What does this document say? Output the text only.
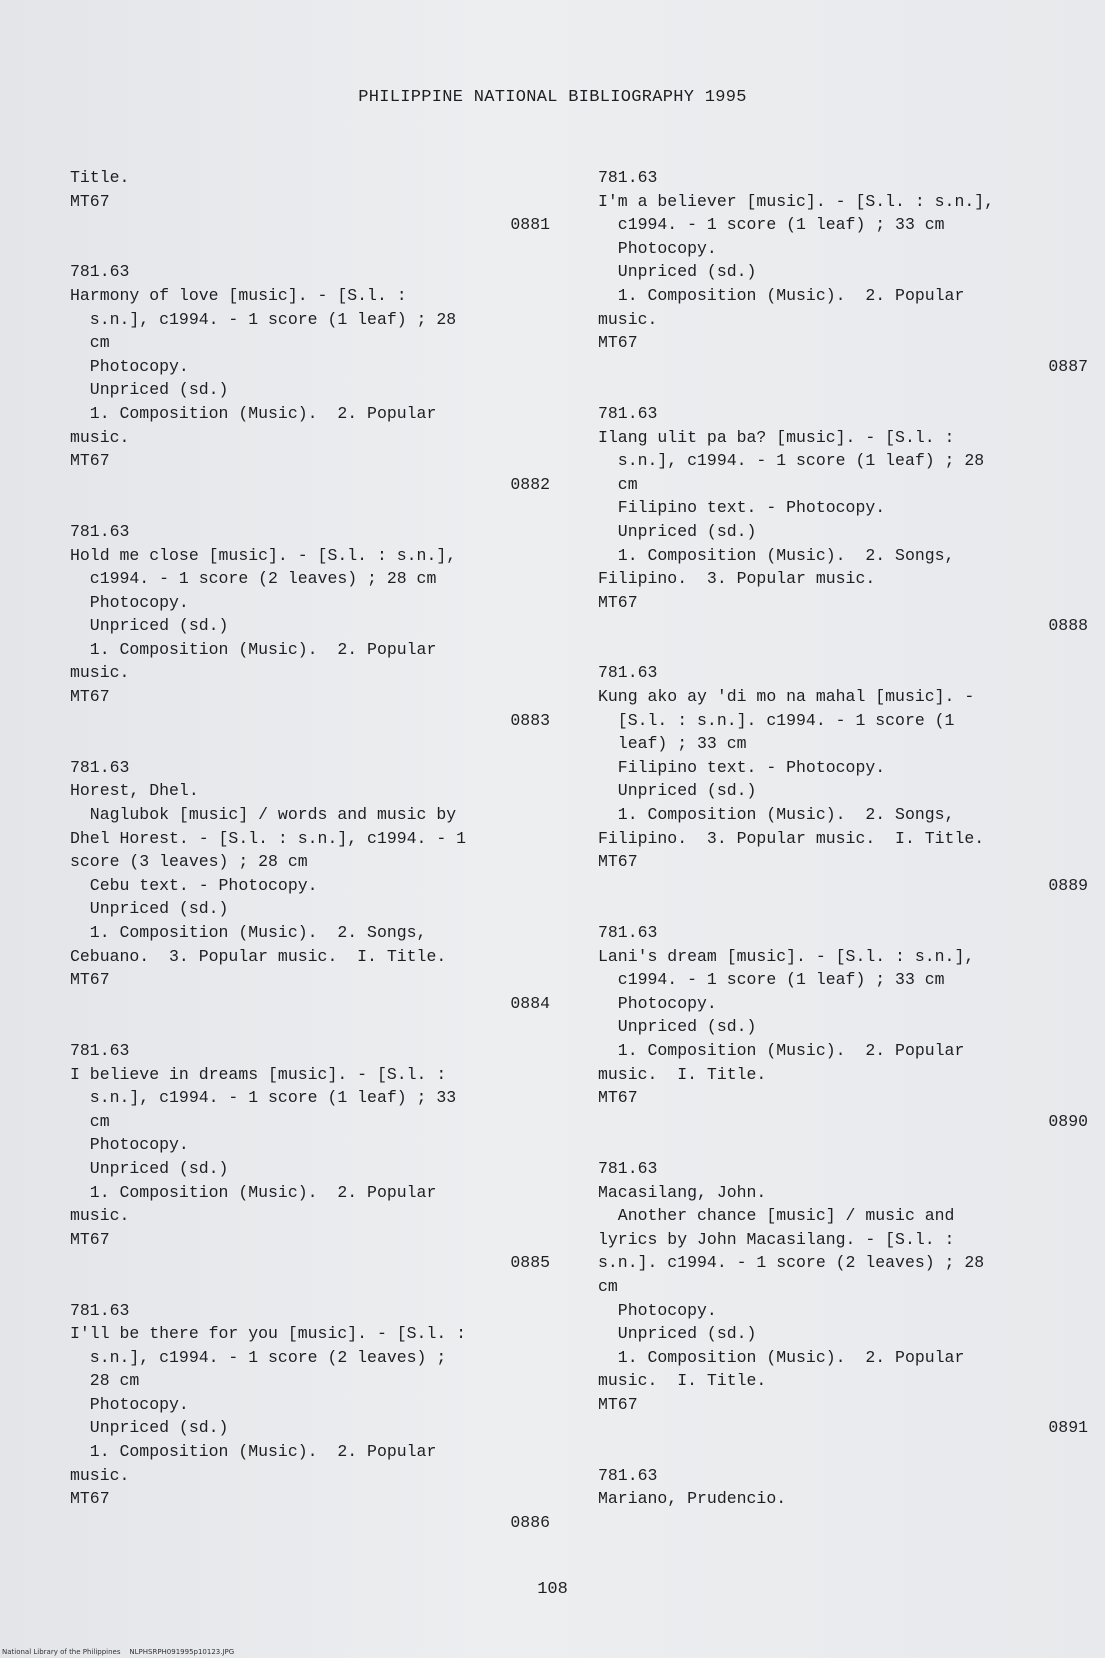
PHILIPPINE NATIONAL BIBLIOGRAPHY 1995
Title.
MT67
0881
781.63
Harmony of love [music]. - [S.l. :
s.n.], c1994. - 1 score (1 leaf) ; 28
cm
Photocopy.
Unpriced (sd.)
1. Composition (Music).  2. Popular
music.
MT67
0882
781.63
Hold me close [music]. - [S.l. : s.n.],
c1994. - 1 score (2 leaves) ; 28 cm
Photocopy.
Unpriced (sd.)
1. Composition (Music).  2. Popular
music.
MT67
0883
781.63
Horest, Dhel.
Naglubok [music] / words and music by
Dhel Horest. - [S.l. : s.n.], c1994. - 1
score (3 leaves) ; 28 cm
Cebu text. - Photocopy.
Unpriced (sd.)
1. Composition (Music).  2. Songs,
Cebuano.  3. Popular music.  I. Title.
MT67
0884
781.63
I believe in dreams [music]. - [S.l. :
s.n.], c1994. - 1 score (1 leaf) ; 33
cm
Photocopy.
Unpriced (sd.)
1. Composition (Music).  2. Popular
music.
MT67
0885
781.63
I'll be there for you [music]. - [S.l. :
s.n.], c1994. - 1 score (2 leaves) ;
28 cm
Photocopy.
Unpriced (sd.)
1. Composition (Music).  2. Popular
music.
MT67
0886
781.63
I'm a believer [music]. - [S.l. : s.n.],
c1994. - 1 score (1 leaf) ; 33 cm
Photocopy.
Unpriced (sd.)
1. Composition (Music).  2. Popular
music.
MT67
0887
781.63
Ilang ulit pa ba? [music]. - [S.l. :
s.n.], c1994. - 1 score (1 leaf) ; 28
cm
Filipino text. - Photocopy.
Unpriced (sd.)
1. Composition (Music).  2. Songs,
Filipino.  3. Popular music.
MT67
0888
781.63
Kung ako ay 'di mo na mahal [music]. -
[S.l. : s.n.]. c1994. - 1 score (1
leaf) ; 33 cm
Filipino text. - Photocopy.
Unpriced (sd.)
1. Composition (Music).  2. Songs,
Filipino.  3. Popular music.  I. Title.
MT67
0889
781.63
Lani's dream [music]. - [S.l. : s.n.],
c1994. - 1 score (1 leaf) ; 33 cm
Photocopy.
Unpriced (sd.)
1. Composition (Music).  2. Popular
music.  I. Title.
MT67
0890
781.63
Macasilang, John.
Another chance [music] / music and
lyrics by John Macasilang. - [S.l. :
s.n.]. c1994. - 1 score (2 leaves) ; 28
cm
Photocopy.
Unpriced (sd.)
1. Composition (Music).  2. Popular
music.  I. Title.
MT67
0891
781.63
Mariano, Prudencio.
108
National Library of the Philippines    NLPHSRPH091995p10123.JPG
